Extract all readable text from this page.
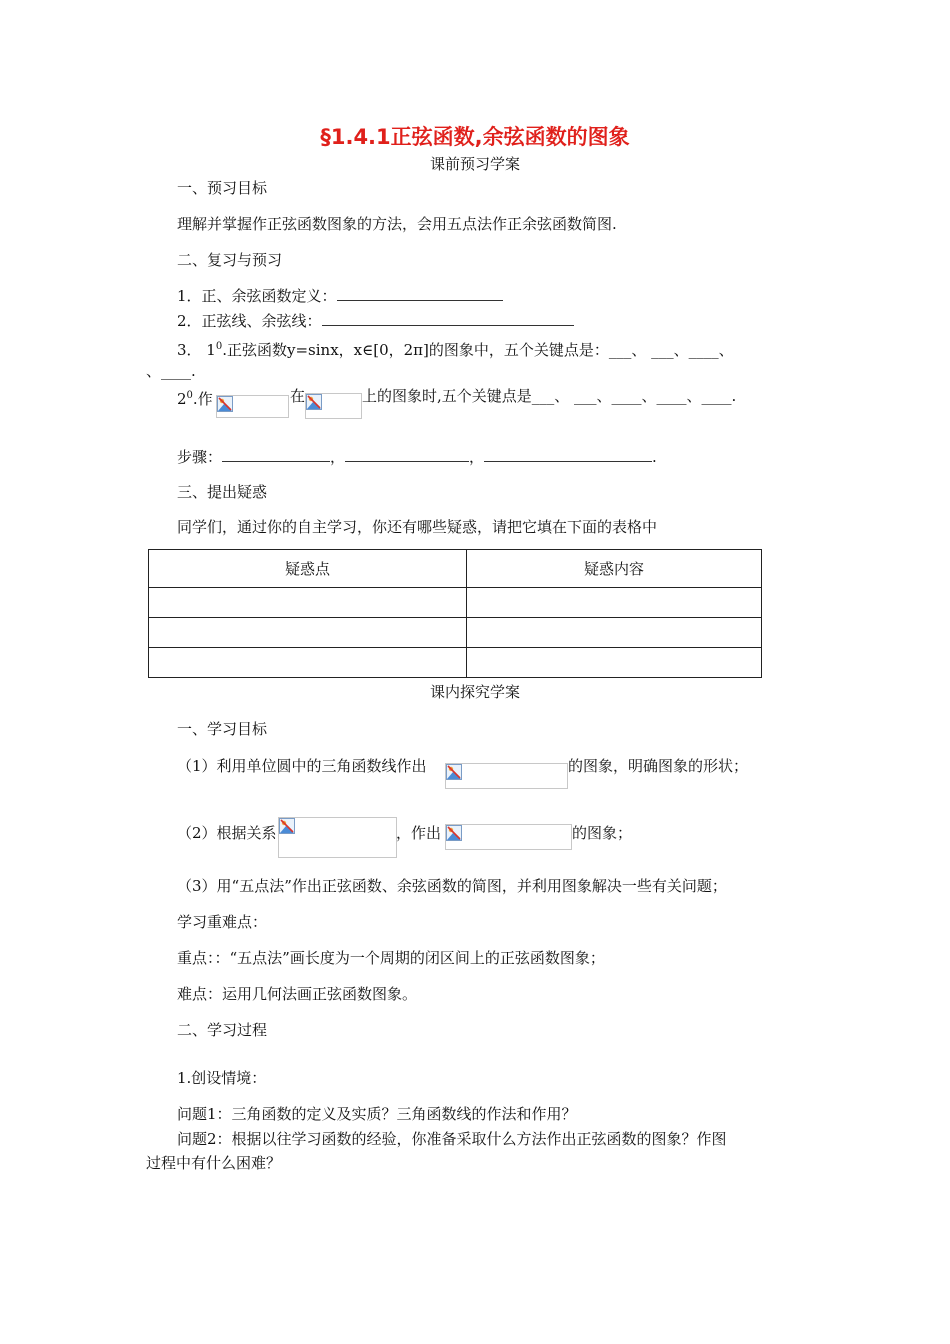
§1.4.1正弦函数,余弦函数的图象
课前预习学案
一、预习目标
理解并掌握作正弦函数图象的方法，会用五点法作正余弦函数简图.
二、复习与预习
1．正、余弦函数定义：
2．正弦线、余弦线：
3． $1^0$.正弦函数y=sinx，x∈[0，2π]的图象中，五个关键点是：___、 ___、____、
、____.
$2^0$.作	在	上的图象时,五个关键点是___、 ___、____、____、____.
步骤：	，	，	.
三、提出疑惑
同学们，通过你的自主学习，你还有哪些疑惑，请把它填在下面的表格中
疑惑点	疑惑内容

课内探究学案
一、学习目标
（1）利用单位圆中的三角函数线作出	的图象，明确图象的形状；
（2）根据关系	，作出	的图象；
（3）用“五点法”作出正弦函数、余弦函数的简图，并利用图象解决一些有关问题；
学习重难点：
重点：：“五点法”画长度为一个周期的闭区间上的正弦函数图象；
难点：运用几何法画正弦函数图象。
二、学习过程
1.创设情境：
问题1：三角函数的定义及实质？三角函数线的作法和作用？
问题2：根据以往学习函数的经验，你准备采取什么方法作出正弦函数的图象？作图
过程中有什么困难？
